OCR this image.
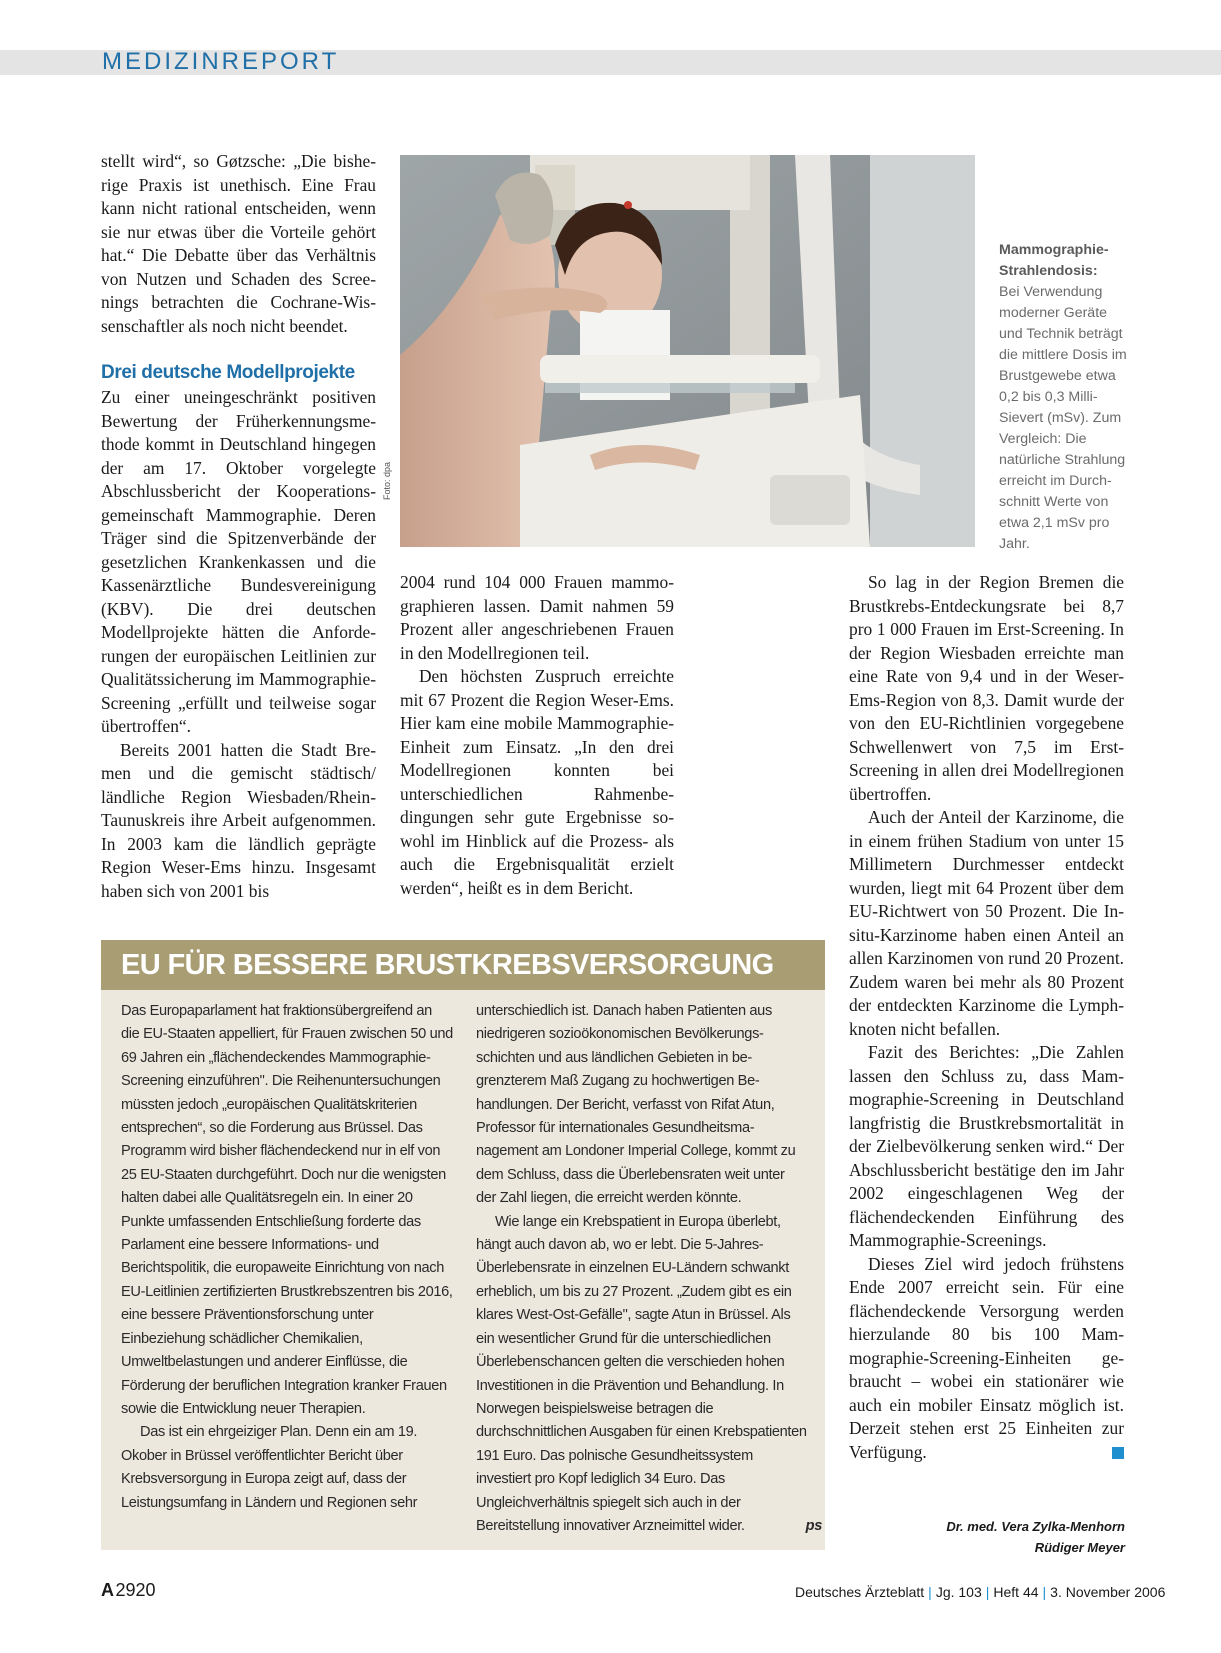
MEDIZINREPORT

stellt wird“, so Gøtzsche: „Die bisherige Praxis ist unethisch. Eine Frau kann nicht rational entscheiden, wenn sie nur etwas über die Vorteile gehört hat.“ Die Debatte über das Verhältnis von Nutzen und Schaden des Screenings betrachten die Cochrane-Wissenschaftler als noch nicht beendet.

Drei deutsche Modellprojekte

Zu einer uneingeschränkt positiven Bewertung der Früherkennungsmethode kommt in Deutschland hingegen der am 17. Oktober vorgelegte Abschlussbericht der Kooperationsgemeinschaft Mammographie. Deren Träger sind die Spitzenverbände der gesetzlichen Krankenkassen und die Kassenärztliche Bundesvereinigung (KBV). Die drei deutschen Modellprojekte hätten die Anforderungen der europäischen Leitlinien zur Qualitätssicherung im Mammographie-Screening „erfüllt und teilweise sogar übertroffen“.

Bereits 2001 hatten die Stadt Bremen und die gemischt städtisch/ ländliche Region Wiesbaden/Rhein-Taunuskreis ihre Arbeit aufgenommen. In 2003 kam die ländlich geprägte Region Weser-Ems hinzu. Insgesamt haben sich von 2001 bis

Foto: dpa
Mammographie-Strahlendosis:
Bei Verwendung moderner Geräte und Technik beträgt die mittlere Dosis im Brustgewebe etwa 0,2 bis 0,3 Milli-Sievert (mSv). Zum Vergleich: Die natürliche Strahlung erreicht im Durchschnitt Werte von etwa 2,1 mSv pro Jahr.

2004 rund 104 000 Frauen mammographieren lassen. Damit nahmen 59 Prozent aller angeschriebenen Frauen in den Modellregionen teil.

Den höchsten Zuspruch erreichte mit 67 Prozent die Region Weser-Ems. Hier kam eine mobile Mammographie-Einheit zum Einsatz. „In den drei Modellregionen konnten bei unterschiedlichen Rahmenbedingungen sehr gute Ergebnisse sowohl im Hinblick auf die Prozess- als auch die Ergebnisqualität erzielt werden“, heißt es in dem Bericht.

So lag in der Region Bremen die Brustkrebs-Entdeckungsrate bei 8,7 pro 1 000 Frauen im Erst-Screening. In der Region Wiesbaden erreichte man eine Rate von 9,4 und in der Weser-Ems-Region von 8,3. Damit wurde der von den EU-Richtlinien vorgegebene Schwellenwert von 7,5 im Erst-Screening in allen drei Modellregionen übertroffen.

Auch der Anteil der Karzinome, die in einem frühen Stadium von unter 15 Millimetern Durchmesser entdeckt wurden, liegt mit 64 Prozent über dem EU-Richtwert von 50 Prozent. Die In-situ-Karzinome haben einen Anteil an allen Karzinomen von rund 20 Prozent. Zudem waren bei mehr als 80 Prozent der entdeckten Karzinome die Lymphknoten nicht befallen.

Fazit des Berichtes: „Die Zahlen lassen den Schluss zu, dass Mammographie-Screening in Deutschland langfristig die Brustkrebsmortalität in der Zielbevölkerung senken wird.“ Der Abschlussbericht bestätige den im Jahr 2002 eingeschlagenen Weg der flächendeckenden Einführung des Mammographie-Screenings.

Dieses Ziel wird jedoch frühstens Ende 2007 erreicht sein. Für eine flächendeckende Versorgung werden hierzulande 80 bis 100 Mammographie-Screening-Einheiten gebraucht – wobei ein stationärer wie auch ein mobiler Einsatz möglich ist. Derzeit stehen erst 25 Einheiten zur Verfügung.

EU FÜR BESSERE BRUSTKREBSVERSORGUNG

Das Europaparlament hat fraktionsübergreifend an die EU-Staaten appelliert, für Frauen zwischen 50 und 69 Jahren ein „flächendeckendes Mammographie-Screening einzuführen". Die Reihenuntersuchungen müssten jedoch „europäischen Qualitätskriterien entsprechen“, so die Forderung aus Brüssel. Das Programm wird bisher flächendeckend nur in elf von 25 EU-Staaten durchgeführt. Doch nur die wenigsten halten dabei alle Qualitätsregeln ein. In einer 20 Punkte umfassenden Entschließung forderte das Parlament eine bessere Informations- und Berichtspolitik, die europaweite Einrichtung von nach EU-Leitlinien zertifizierten Brustkrebszentren bis 2016, eine bessere Präventionsforschung unter Einbeziehung schädlicher Chemikalien, Umweltbelastungen und anderer Einflüsse, die Förderung der beruflichen Integration kranker Frauen sowie die Entwicklung neuer Therapien.

Das ist ein ehrgeiziger Plan. Denn ein am 19. Okober in Brüssel veröffentlichter Bericht über Krebsversorgung in Europa zeigt auf, dass der Leistungsumfang in Ländern und Regionen sehr

unterschiedlich ist. Danach haben Patienten aus niedrigeren sozioökonomischen Bevölkerungsschichten und aus ländlichen Gebieten in begrenzterem Maß Zugang zu hochwertigen Behandlungen. Der Bericht, verfasst von Rifat Atun, Professor für internationales Gesundheitsmanagement am Londoner Imperial College, kommt zu dem Schluss, dass die Überlebensraten weit unter der Zahl liegen, die erreicht werden könnte.

Wie lange ein Krebspatient in Europa überlebt, hängt auch davon ab, wo er lebt. Die 5-Jahres-Überlebensrate in einzelnen EU-Ländern schwankt erheblich, um bis zu 27 Prozent. „Zudem gibt es ein klares West-Ost-Gefälle", sagte Atun in Brüssel. Als ein wesentlicher Grund für die unterschiedlichen Überlebenschancen gelten die verschieden hohen Investitionen in die Prävention und Behandlung. In Norwegen beispielsweise betragen die durchschnittlichen Ausgaben für einen Krebspatienten 191 Euro. Das polnische Gesundheitssystem investiert pro Kopf lediglich 34 Euro. Das Ungleichverhältnis spiegelt sich auch in der Bereitstellung innovativer Arzneimittel wider.	ps	Dr. med. Vera Zylka-Menhorn
Rüdiger Meyer
A 2920	Deutsches Ärzteblatt | Jg. 103 | Heft 44 | 3. November 2006
